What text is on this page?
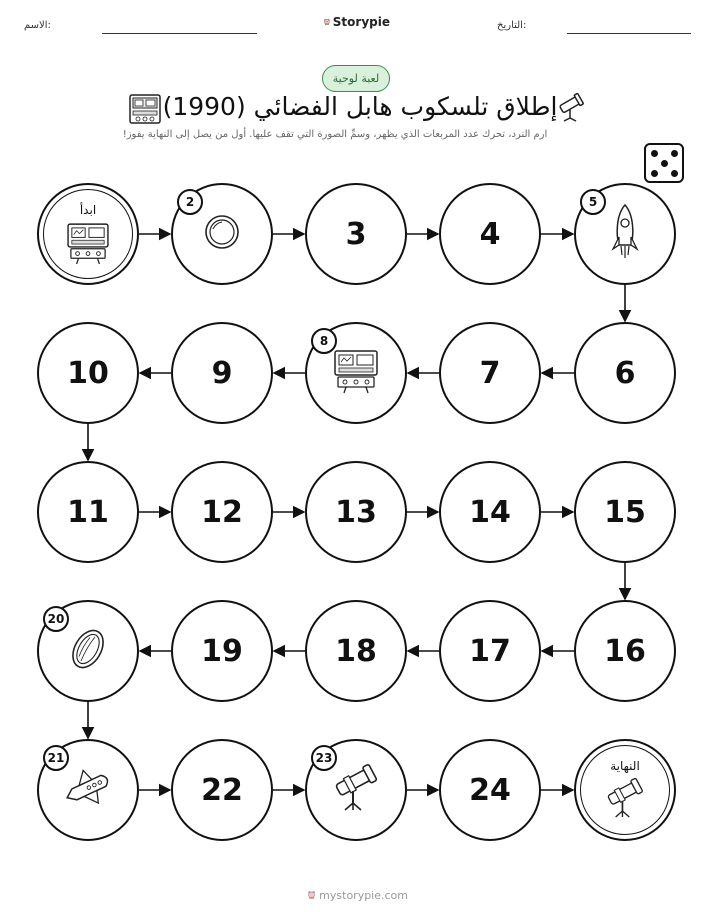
الاسم:	Storypie	التاريخ:
لعبة لوحية
إطلاق تلسكوب هابل الفضائي (1990)
ارم النرد، تحرك عدد المربعات الذي يظهر، وسمِّ الصورة التي تقف عليها. أول من يصل إلى النهاية يفوز!
ابدأ
2
3	4
5
6
7
8
9
10
11	12	13	14	15
16
17
18
19
20
21
22
23
24
النهاية
mystorypie.com
